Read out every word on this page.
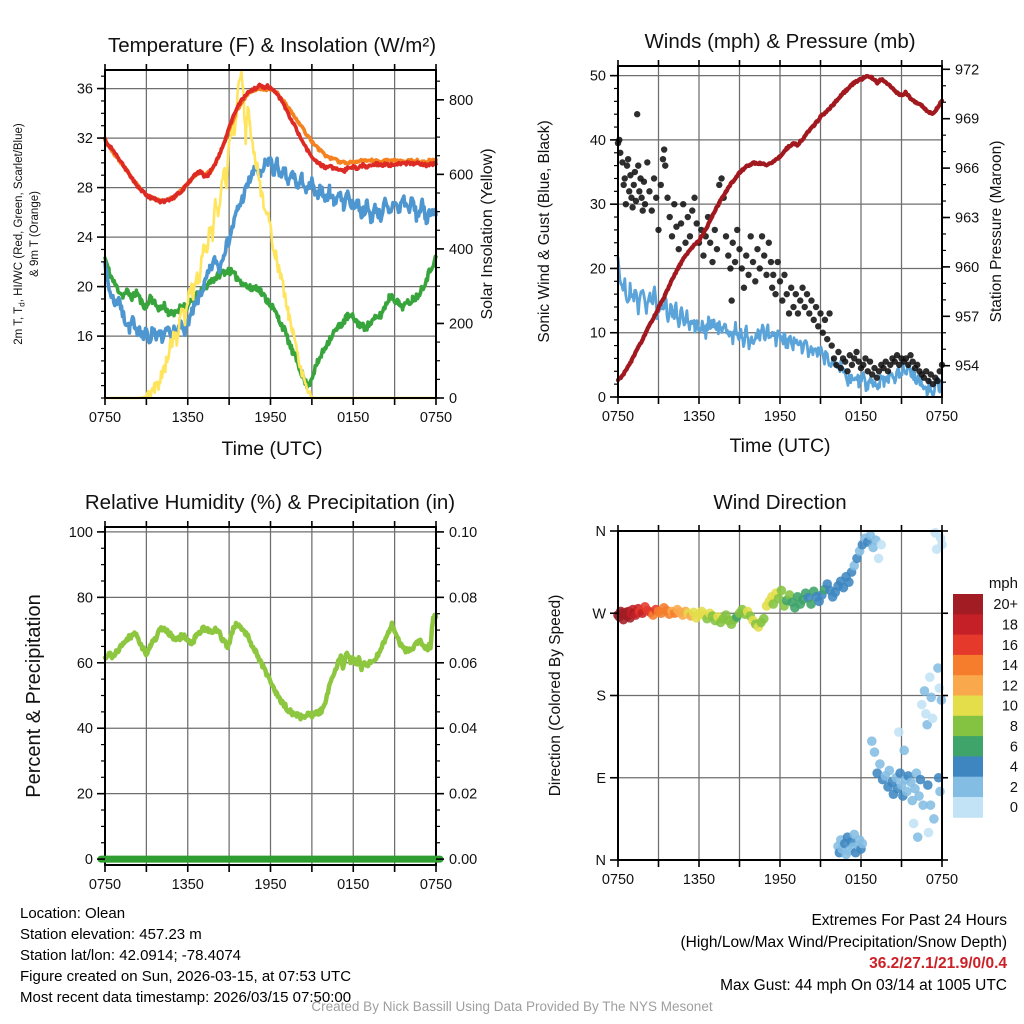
0750	1350	1950	0150	0750
16
20
24
28
32
36
0
200
400
600
800
Temperature (F) & Insolation (W/m²)
Time (UTC)
2m T, $T_d$, HI/WC (Red, Green, Scarlet/Blue) & 9m T (Orange)	Solar Insolation (Yellow)
0750	1350	1950	0150	0750
0
10
20
30
40
50
954
957
960
963
966
969
972
Winds (mph) & Pressure (mb)
Time (UTC)
Sonic Wind & Gust (Blue, Black)	Station Pressure (Maroon)
0750	1350	1950	0150	0750
0
20
40
60
80
100
0.00
0.02
0.04
0.06
0.08
0.10
Relative Humidity (%) & Precipitation (in)
Percent & Precipitation
0750	1350	1950	0150	0750
N
E
S
W
N
Wind Direction
Direction (Colored By Speed)
mph
20+
18
16
14
12
10
8
6
4
2
0
Location: Olean
Station elevation: 457.23 m
Station lat/lon: 42.0914; -78.4074
Figure created on Sun, 2026-03-15, at 07:53 UTC
Most recent data timestamp: 2026/03/15 07:50:00
Extremes For Past 24 Hours
(High/Low/Max Wind/Precipitation/Snow Depth)
36.2/27.1/21.9/0/0.4
Max Gust: 44 mph On 03/14 at 1005 UTC
Created By Nick Bassill Using Data Provided By The NYS Mesonet
